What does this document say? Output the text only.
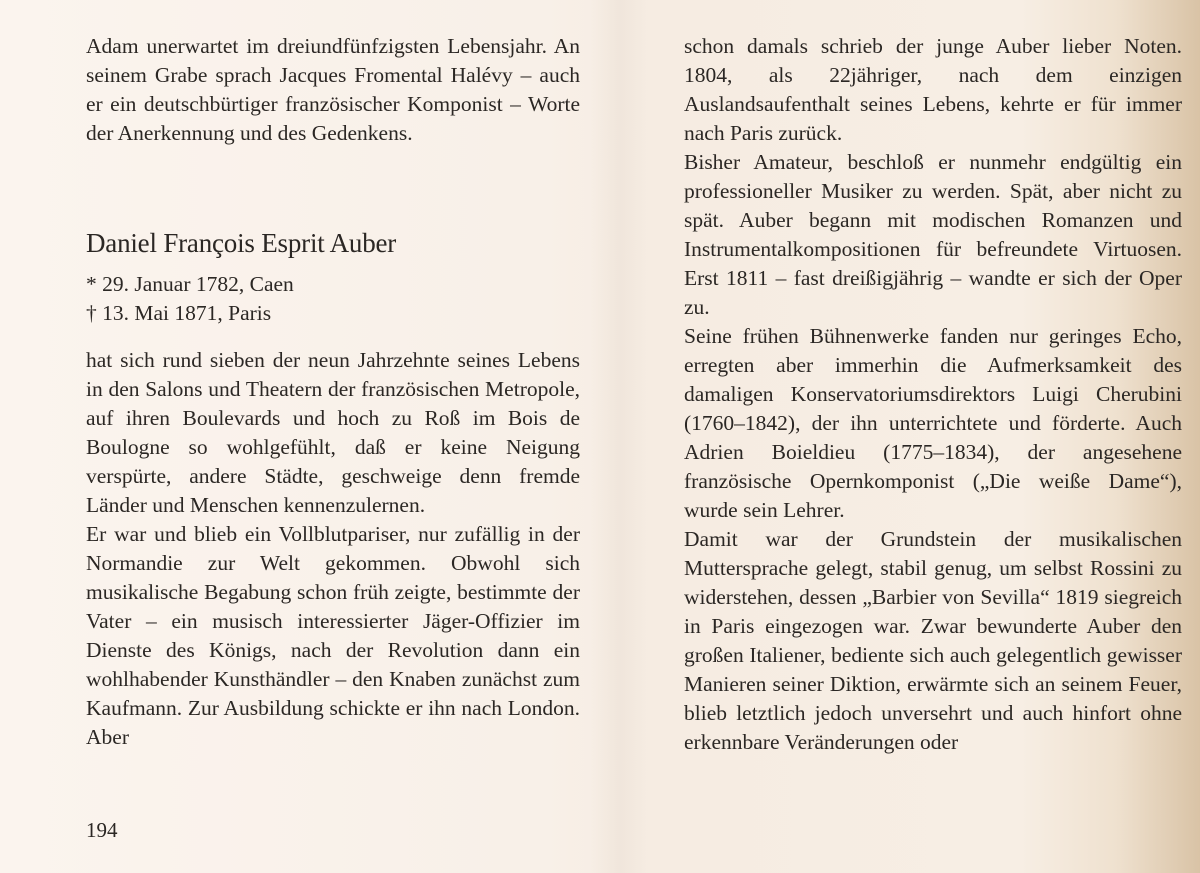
Adam unerwartet im dreiundfünfzigsten Lebensjahr. An seinem Grabe sprach Jacques Fromental Halévy – auch er ein deutschbürtiger französischer Komponist – Worte der Anerkennung und des Gedenkens.

Daniel François Esprit Auber
* 29. Januar 1782, Caen
† 13. Mai 1871, Paris

hat sich rund sieben der neun Jahrzehnte seines Lebens in den Salons und Theatern der französischen Metropole, auf ihren Boulevards und hoch zu Roß im Bois de Boulogne so wohlgefühlt, daß er keine Neigung verspürte, andere Städte, geschweige denn fremde Länder und Menschen kennenzulernen.

Er war und blieb ein Vollblutpariser, nur zufällig in der Normandie zur Welt gekommen. Obwohl sich musikalische Begabung schon früh zeigte, bestimmte der Vater – ein musisch interessierter Jäger-Offizier im Dienste des Königs, nach der Revolution dann ein wohlhabender Kunsthändler – den Knaben zunächst zum Kaufmann. Zur Ausbildung schickte er ihn nach London. Aber

schon damals schrieb der junge Auber lieber Noten. 1804, als 22jähriger, nach dem einzigen Auslandsaufenthalt seines Lebens, kehrte er für immer nach Paris zurück.

Bisher Amateur, beschloß er nunmehr endgültig ein professioneller Musiker zu werden. Spät, aber nicht zu spät. Auber begann mit modischen Romanzen und Instrumentalkompositionen für befreundete Virtuosen. Erst 1811 – fast dreißigjährig – wandte er sich der Oper zu.

Seine frühen Bühnenwerke fanden nur geringes Echo, erregten aber immerhin die Aufmerksamkeit des damaligen Konservatoriumsdirektors Luigi Cherubini (1760–1842), der ihn unterrichtete und förderte. Auch Adrien Boieldieu (1775–1834), der angesehene französische Opernkomponist („Die weiße Dame“), wurde sein Lehrer.

Damit war der Grundstein der musikalischen Muttersprache gelegt, stabil genug, um selbst Rossini zu widerstehen, dessen „Barbier von Sevilla“ 1819 siegreich in Paris eingezogen war. Zwar bewunderte Auber den großen Italiener, bediente sich auch gelegentlich gewisser Manieren seiner Diktion, erwärmte sich an seinem Feuer, blieb letztlich jedoch unversehrt und auch hinfort ohne erkennbare Veränderungen oder

194
